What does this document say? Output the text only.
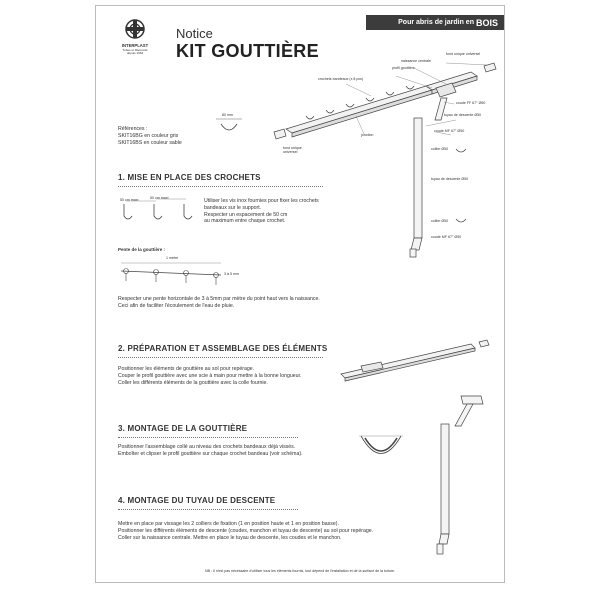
INTERPLAST
Tubes et Raccords
depuis 1964
Notice
KIT GOUTTIÈRE
Pour abris de jardin en BOIS
fond unique universel
naissance centrale
profil gouttière
crochets bandeaux (x 8 pcs)
coude FF 67° Ø50
tuyau de descente Ø50
jonction
coude MF 67° Ø50
fond unique universel
collier Ø50
tuyau de descente Ø50
collier Ø50
coude MF 67° Ø50
Références :
SKIT16BG en couleur gris
SKIT16BS en couleur sable
80 mm
1. MISE EN PLACE DES CROCHETS
50 cm maxi	50 cm maxi	Utiliser les vis inox fournies pour fixer les crochets
bandeaux sur le support.
Respecter un espacement de 50 cm
au maximum entre chaque crochet.
Pente de la gouttière :
1 mètre
3 à 5 mm
Respecter une pente horizontale de 3 à 5mm par mètre du point haut vers la naissance.
Ceci afin de faciliter l'écoulement de l'eau de pluie.
2. PRÉPARATION ET ASSEMBLAGE DES ÉLÉMENTS
Positionner les éléments de gouttière au sol pour repérage.
Couper le profil gouttière avec une scie à main pour mettre à la bonne longueur.
Coller les différents éléments de la gouttière avec la colle fournie.
3. MONTAGE DE LA GOUTTIÈRE
Positionner l'assemblage collé au niveau des crochets bandeaux déjà vissés.
Emboîter et clipser le profil gouttière sur chaque crochet bandeau (voir schéma).
4. MONTAGE DU TUYAU DE DESCENTE
Mettre en place par vissage les 2 colliers de fixation (1 en position haute et 1 en position basse).
Positionner les différents éléments de descente (coudes, manchon et tuyau de descente) au sol pour repérage.
Coller sur la naissance centrale. Mettre en place le tuyau de descente, les coudes et le manchon.
NB : Il n'est pas nécessaire d'utiliser tous les éléments fournis, tout dépend de l'installation et de la surface de la toiture.
